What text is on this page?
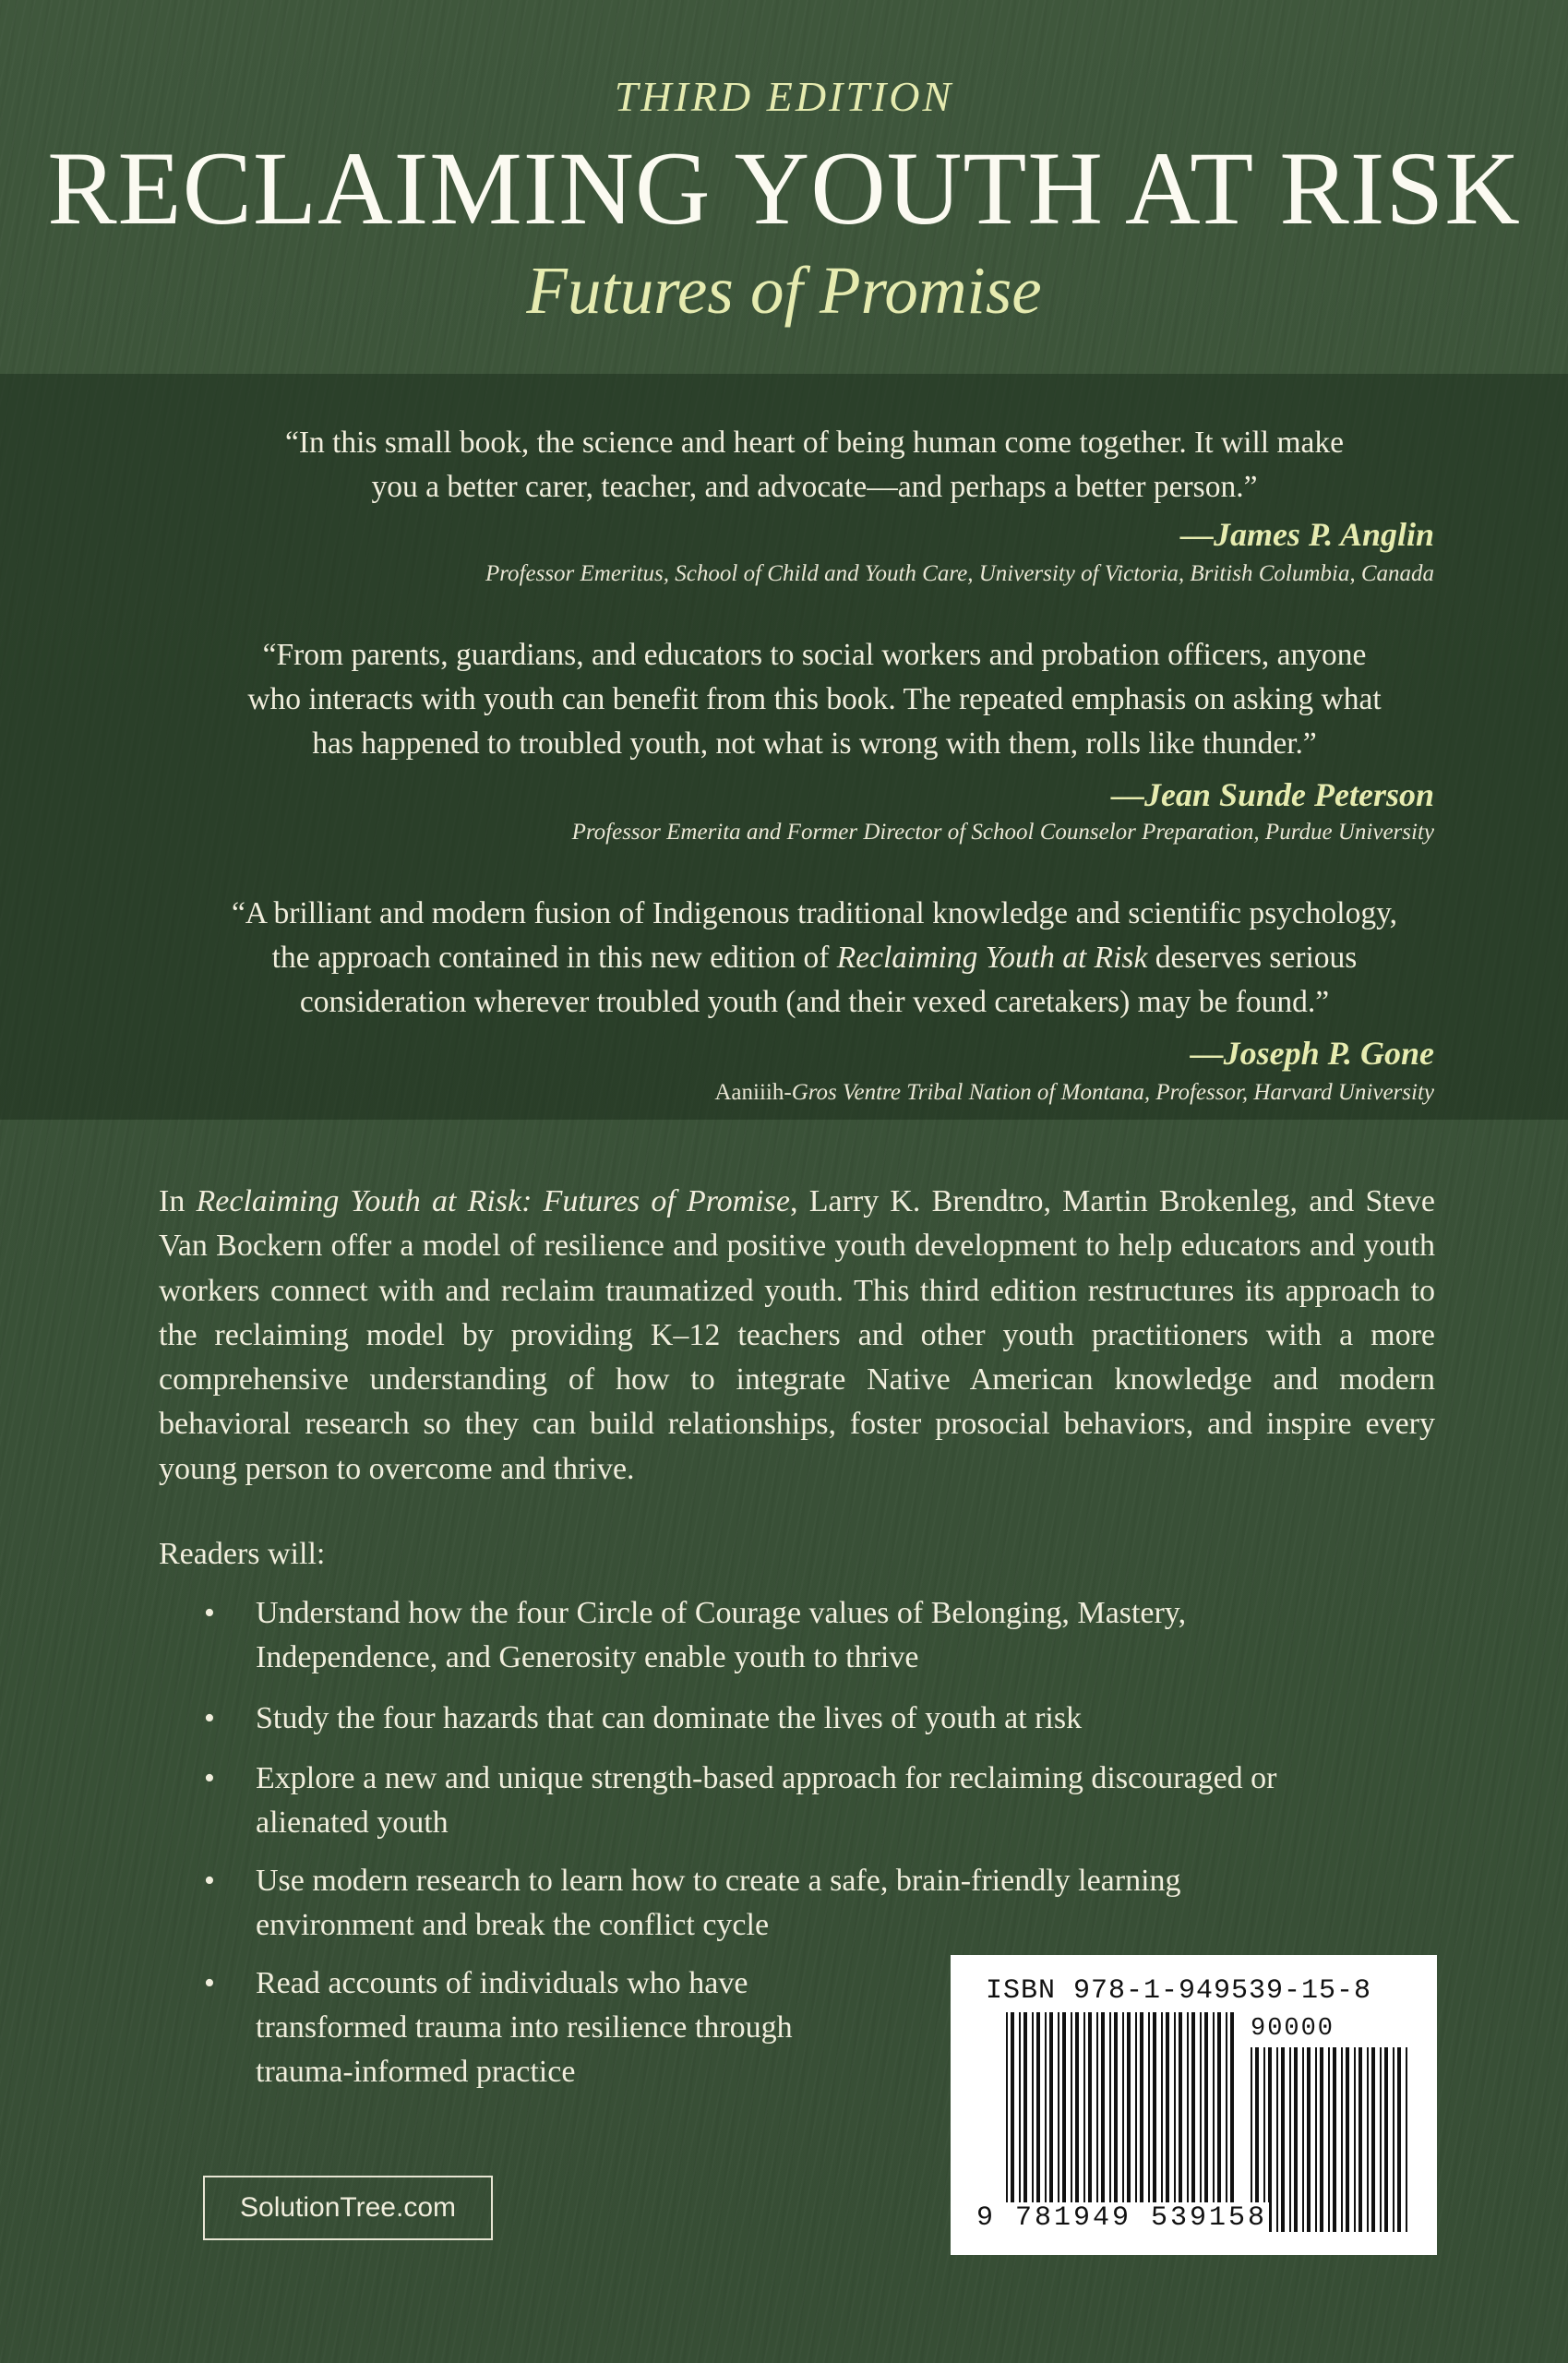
THIRD EDITION
RECLAIMING YOUTH AT RISK
Futures of Promise
“In this small book, the science and heart of being human come together. It will make
you a better carer, teacher, and advocate—and perhaps a better person.”
—James P. Anglin
Professor Emeritus, School of Child and Youth Care, University of Victoria, British Columbia, Canada
“From parents, guardians, and educators to social workers and probation officers, anyone
who interacts with youth can benefit from this book. The repeated emphasis on asking what
has happened to troubled youth, not what is wrong with them, rolls like thunder.”
—Jean Sunde Peterson
Professor Emerita and Former Director of School Counselor Preparation, Purdue University
“A brilliant and modern fusion of Indigenous traditional knowledge and scientific psychology,
the approach contained in this new edition of Reclaiming Youth at Risk deserves serious
consideration wherever troubled youth (and their vexed caretakers) may be found.”
—Joseph P. Gone
Aaniiih-Gros Ventre Tribal Nation of Montana, Professor, Harvard University
In Reclaiming Youth at Risk: Futures of Promise, Larry K. Brendtro, Martin Brokenleg, and Steve Van Bockern offer a model of resilience and positive youth development to help educators and youth workers connect with and reclaim traumatized youth. This third edition restructures its approach to the reclaiming model by providing K–12 teachers and other youth practitioners with a more comprehensive understanding of how to integrate Native American knowledge and modern behavioral research so they can build relationships, foster prosocial behaviors, and inspire every young person to overcome and thrive.
Readers will:
• Understand how the four Circle of Courage values of Belonging, Mastery,
Independence, and Generosity enable youth to thrive
• Study the four hazards that can dominate the lives of youth at risk
• Explore a new and unique strength-based approach for reclaiming discouraged or
alienated youth
• Use modern research to learn how to create a safe, brain-friendly learning
environment and break the conflict cycle
• Read accounts of individuals who have
transformed trauma into resilience through
trauma-informed practice
SolutionTree.com
ISBN 978-1-949539-15-8
90000
9 781949 539158
